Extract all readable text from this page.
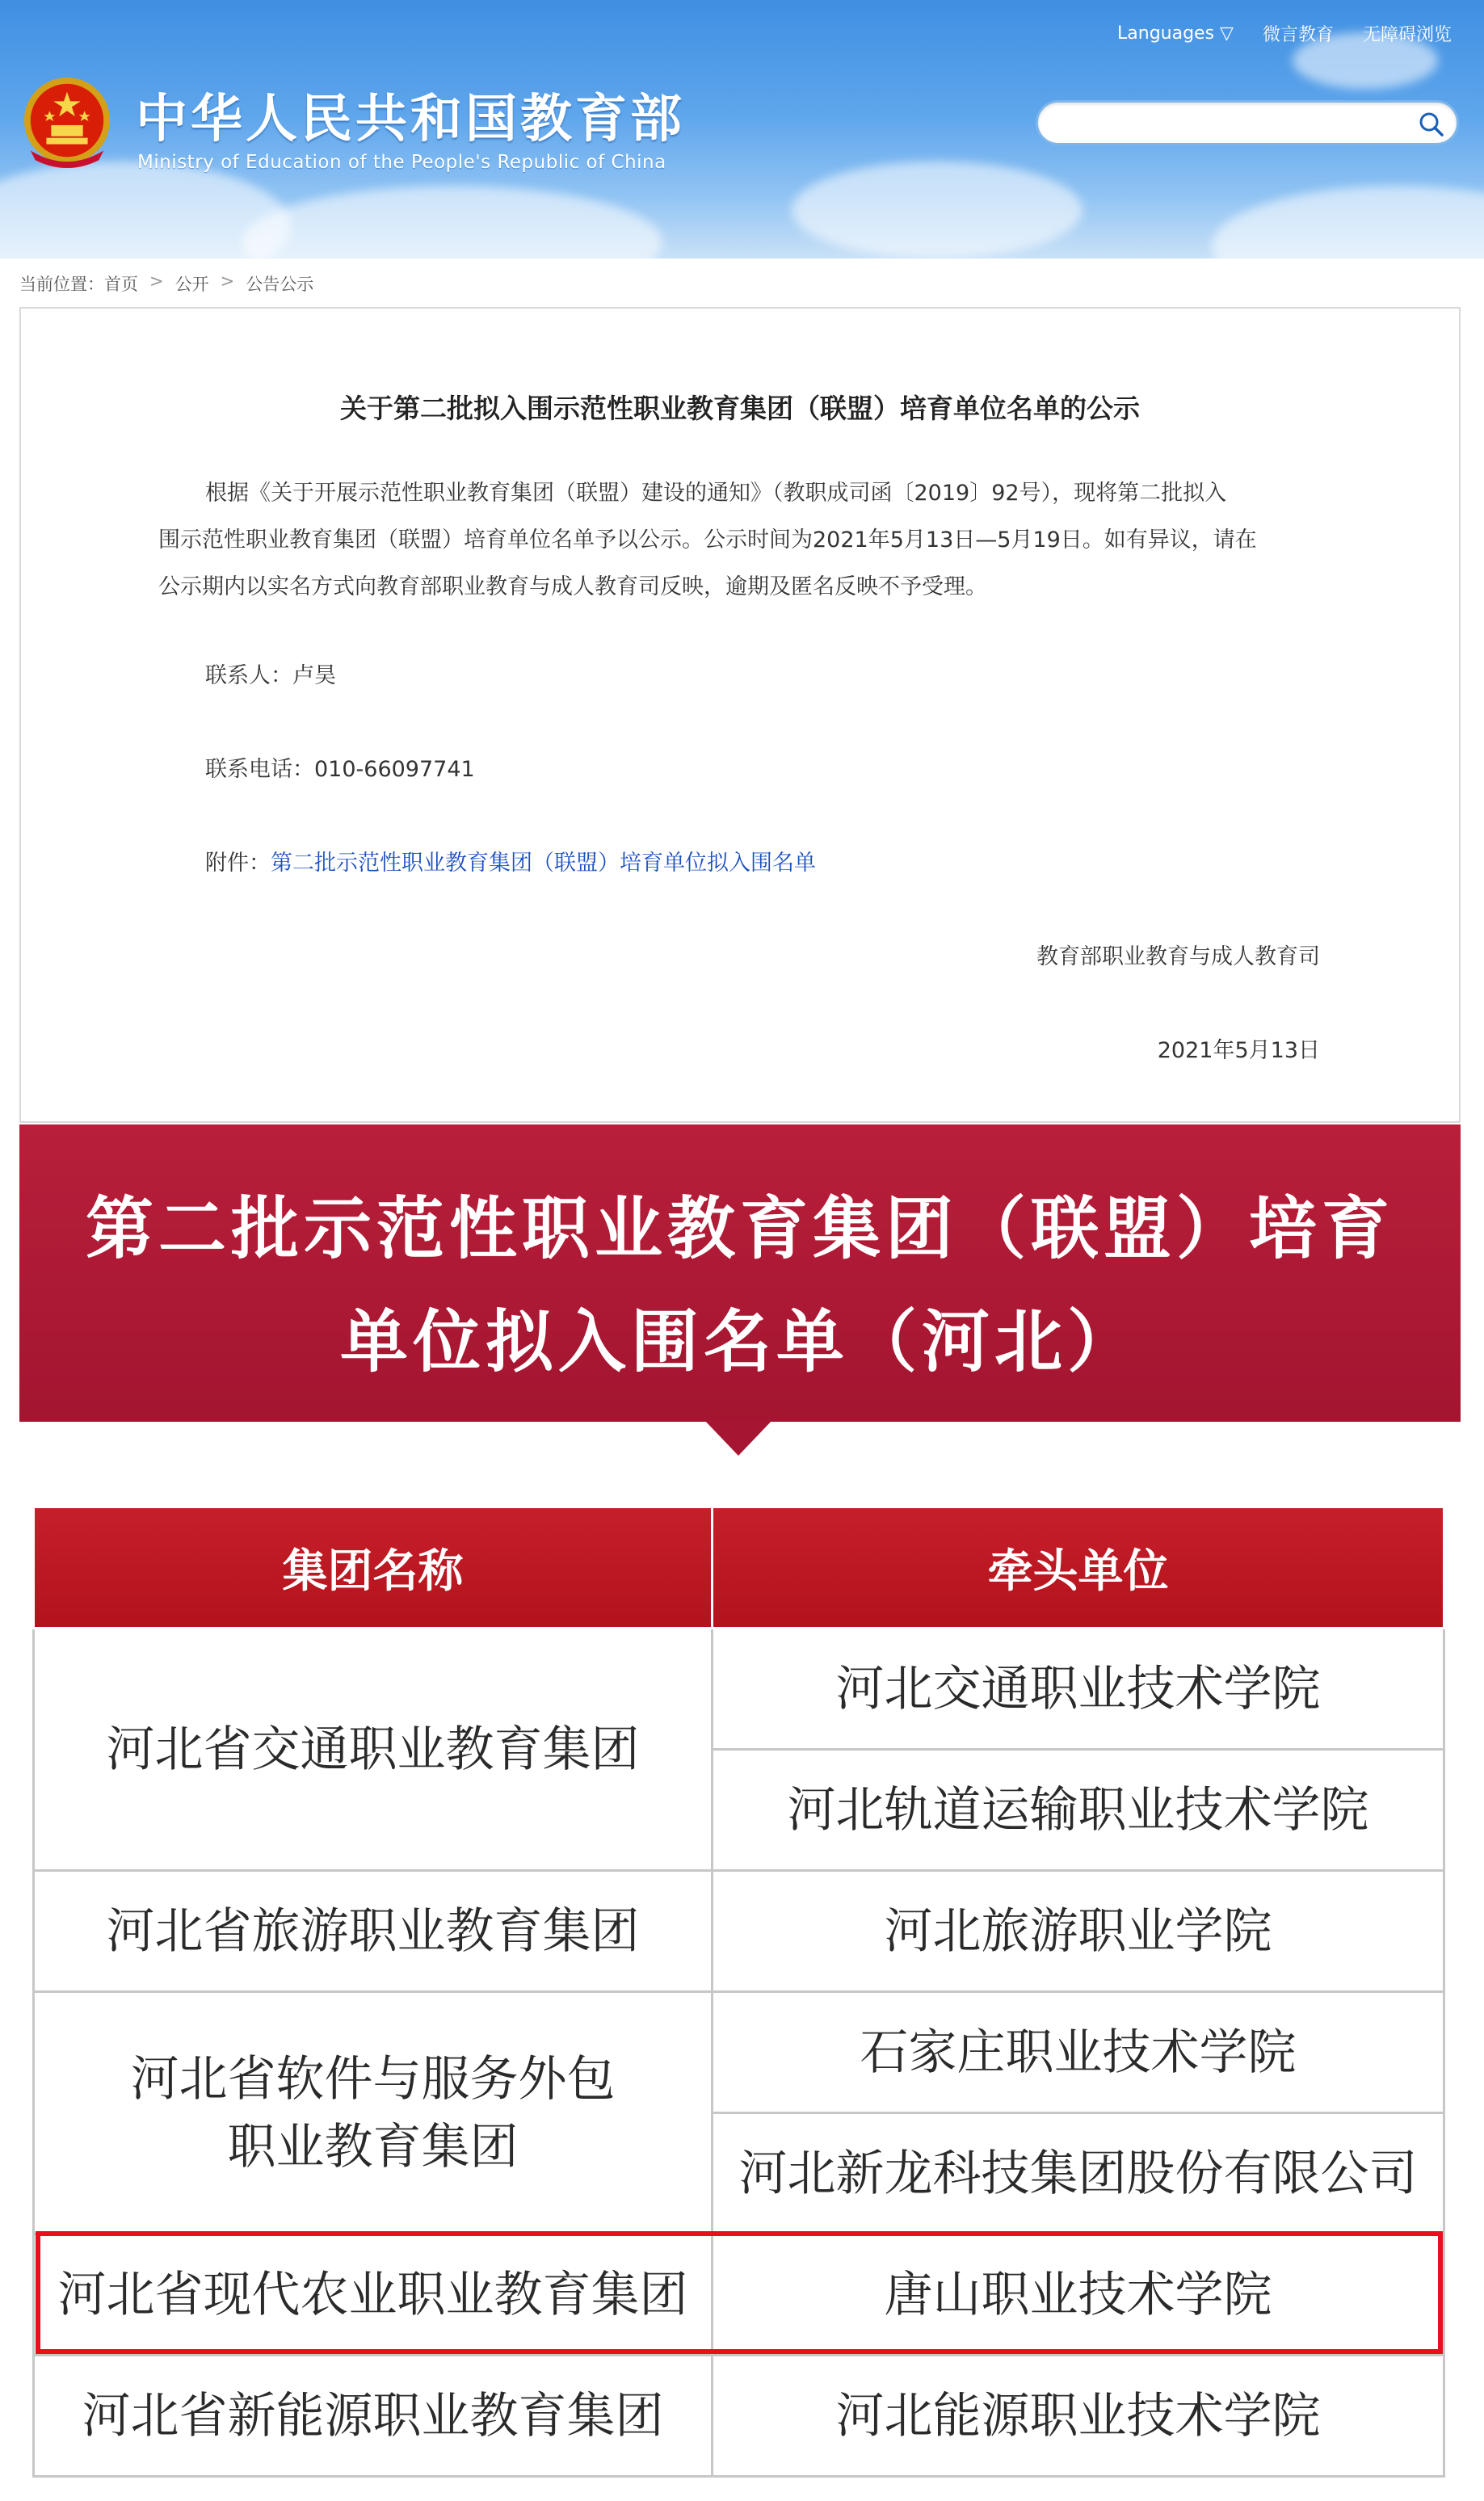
Languages ▽ 微言教育 无障碍浏览
中华人民共和国教育部
Ministry of Education of the People's Republic of China
当前位置：首页 > 公开 > 公告公示
关于第二批拟入围示范性职业教育集团（联盟）培育单位名单的公示
根据《关于开展示范性职业教育集团（联盟）建设的通知》（教职成司函〔2019〕92号），现将第二批拟入
围示范性职业教育集团（联盟）培育单位名单予以公示。公示时间为2021年5月13日—5月19日。如有异议，请在
公示期内以实名方式向教育部职业教育与成人教育司反映，逾期及匿名反映不予受理。
联系人：卢昊
联系电话：010-66097741
附件：第二批示范性职业教育集团（联盟）培育单位拟入围名单
教育部职业教育与成人教育司
2021年5月13日
第二批示范性职业教育集团（联盟）培育
单位拟入围名单（河北）
集团名称	牵头单位
河北省交通职业教育集团	河北交通职业技术学院
	河北轨道运输职业技术学院
河北省旅游职业教育集团	河北旅游职业学院

河北省软件与服务外包
职业教育集团	石家庄职业技术学院
	河北新龙科技集团股份有限公司
河北省现代农业职业教育集团	唐山职业技术学院
河北省新能源职业教育集团	河北能源职业技术学院
